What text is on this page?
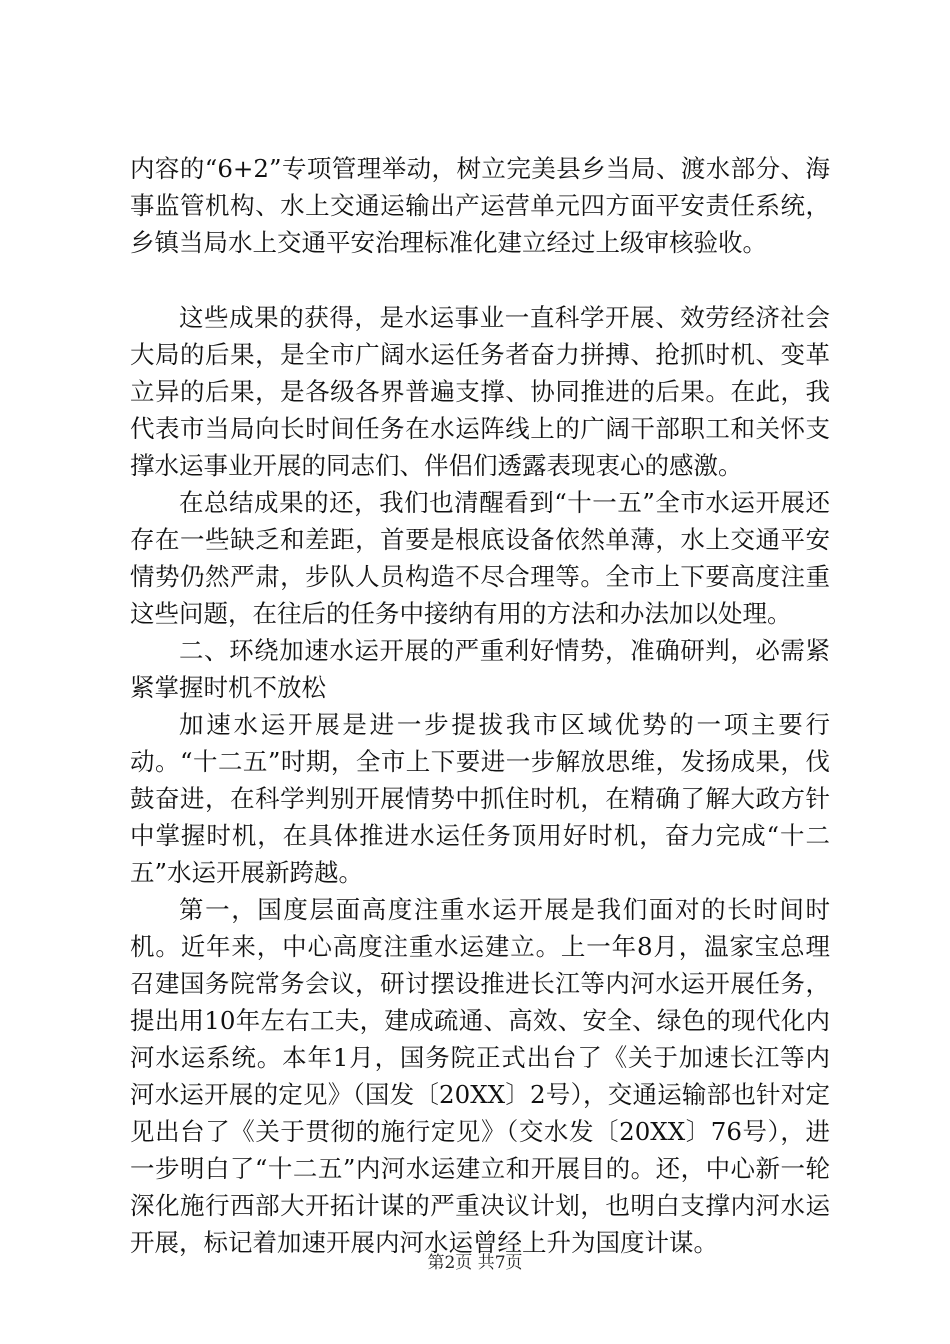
内容的“6+2”专项管理举动，树立完美县乡当局、渡水部分、海事监管机构、水上交通运输出产运营单元四方面平安责任系统，乡镇当局水上交通平安治理标准化建立经过上级审核验收。

这些成果的获得，是水运事业一直科学开展、效劳经济社会大局的后果，是全市广阔水运任务者奋力拼搏、抢抓时机、变革立异的后果，是各级各界普遍支撑、协同推进的后果。在此，我代表市当局向长时间任务在水运阵线上的广阔干部职工和关怀支撑水运事业开展的同志们、伴侣们透露表现衷心的感激。

在总结成果的还，我们也清醒看到“十一五”全市水运开展还存在一些缺乏和差距，首要是根底设备依然单薄，水上交通平安情势仍然严肃，步队人员构造不尽合理等。全市上下要高度注重这些问题，在往后的任务中接纳有用的方法和办法加以处理。

二、环绕加速水运开展的严重利好情势，准确研判，必需紧紧掌握时机不放松

加速水运开展是进一步提拔我市区域优势的一项主要行动。“十二五”时期，全市上下要进一步解放思维，发扬成果，伐鼓奋进，在科学判别开展情势中抓住时机，在精确了解大政方针中掌握时机，在具体推进水运任务顶用好时机，奋力完成“十二五”水运开展新跨越。

第一，国度层面高度注重水运开展是我们面对的长时间时机。近年来，中心高度注重水运建立。上一年8月，温家宝总理召建国务院常务会议，研讨摆设推进长江等内河水运开展任务，提出用10年左右工夫，建成疏通、高效、安全、绿色的现代化内河水运系统。本年1月，国务院正式出台了《关于加速长江等内河水运开展的定见》（国发〔20XX〕2号），交通运输部也针对定见出台了《关于贯彻的施行定见》（交水发〔20XX〕76号），进一步明白了“十二五”内河水运建立和开展目的。还，中心新一轮深化施行西部大开拓计谋的严重决议计划，也明白支撑内河水运开展，标记着加速开展内河水运曾经上升为国度计谋。

第2页 共7页
